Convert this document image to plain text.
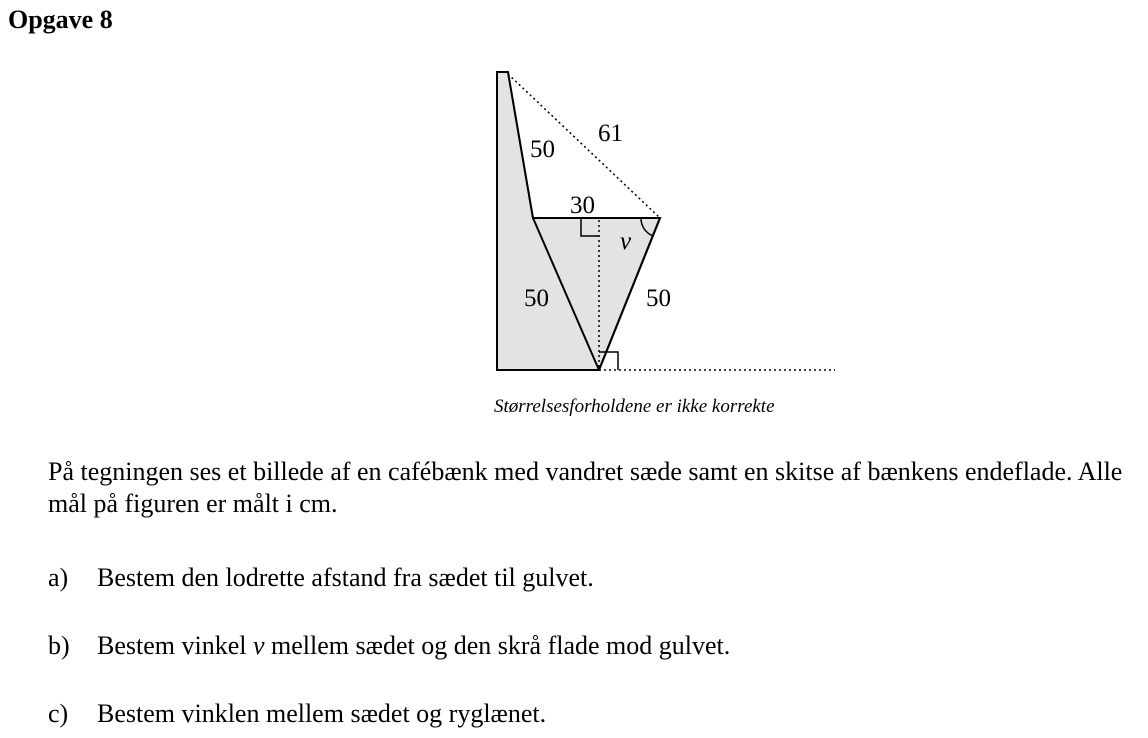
Opgave 8
50
61
30
v
50	50
Størrelsesforholdene er ikke korrekte

På tegningen ses et billede af en cafébænk med vandret sæde samt en skitse af bænkens endeflade. Alle mål på figuren er målt i cm.

a) Bestem den lodrette afstand fra sædet til gulvet.

b) Bestem vinkel v mellem sædet og den skrå flade mod gulvet.

c) Bestem vinklen mellem sædet og ryglænet.
